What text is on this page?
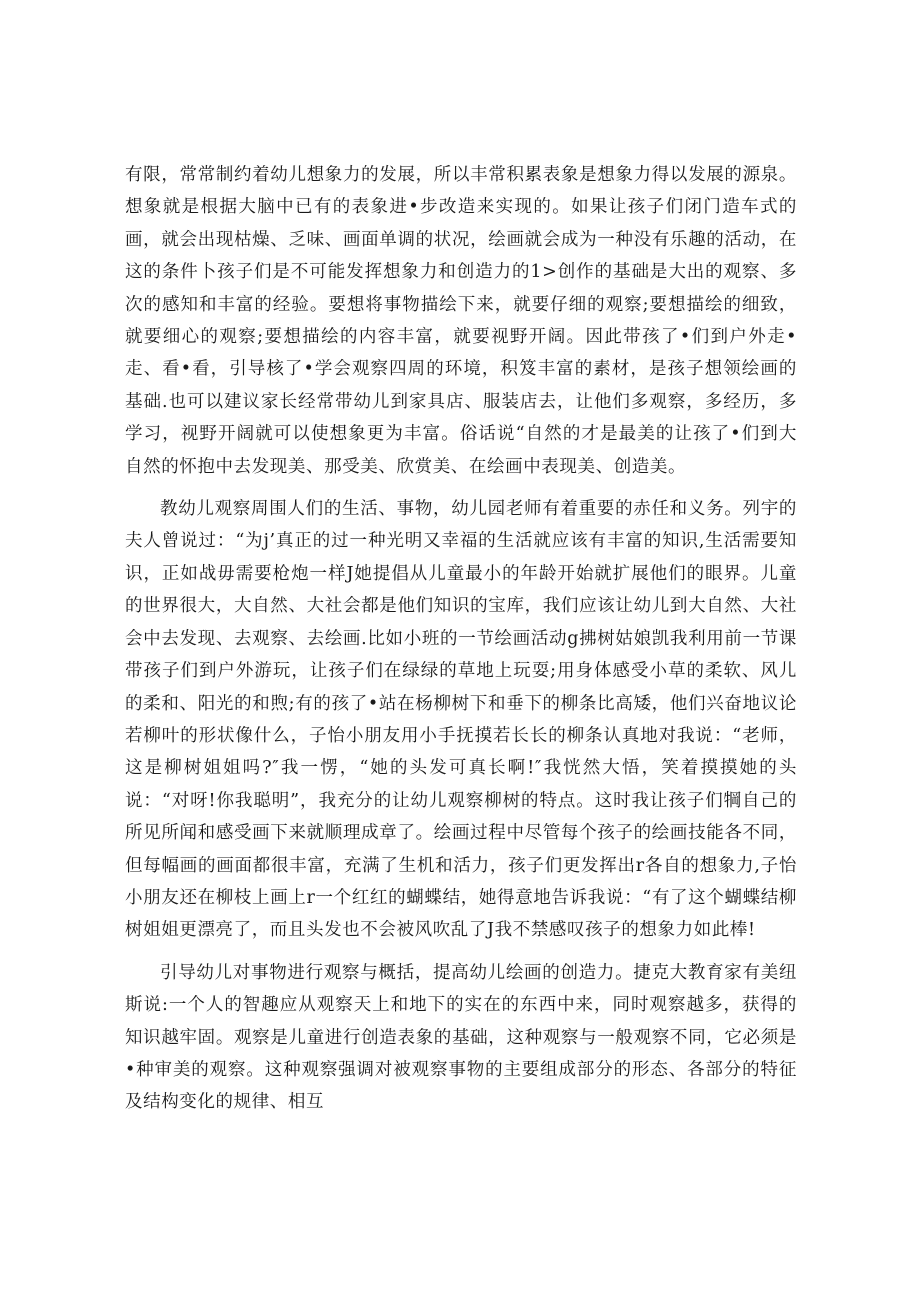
有限，常常制约着幼儿想象力的发展，所以丰常积累表象是想象力得以发展的源泉。想象就是根据大脑中已有的表象进•步改造来实现的。如果让孩子们闭门造车式的画，就会出现枯燥、乏味、画面单调的状况，绘画就会成为一种没有乐趣的活动，在这的条件卜孩子们是不可能发挥想象力和创造力的1>创作的基础是大出的观察、多次的感知和丰富的经验。要想将事物描绘下来，就要仔细的观察;要想描绘的细致，就要细心的观察;要想描绘的内容丰富，就要视野开阔。因此带孩了•们到户外走•走、看•看，引导核了•学会观察四周的环境，积笈丰富的素材，是孩子想领绘画的基础.也可以建议家长经常带幼儿到家具店、服装店去，让他们多观察，多经历，多学习，视野开阔就可以使想象更为丰富。俗话说“自然的才是最美的让孩了•们到大自然的怀抱中去发现美、那受美、欣赏美、在绘画中表现美、创造美。

教幼儿观察周围人们的生活、事物，幼儿园老师有着重要的赤任和义务。列宇的夫人曾说过：“为j’真正的过一种光明又幸福的生活就应该有丰富的知识,生活需要知识，正如战毋需要枪炮一样J她提倡从儿童最小的年龄开始就扩展他们的眼界。儿童的世界很大，大自然、大社会都是他们知识的宝库，我们应该让幼儿到大自然、大社会中去发现、去观察、去绘画.比如小班的一节绘画活动g拂树姑娘凯我利用前一节课带孩子们到户外游玩，让孩子们在绿绿的草地上玩耍;用身体感受小草的柔软、风儿的柔和、阳光的和煦;有的孩了•站在杨柳树下和垂下的柳条比高矮，他们兴奋地议论若柳叶的形状像什么，子怡小朋友用小手抚摸若长长的柳条认真地对我说：“老师，这是柳树姐姐吗?″我一愣，“她的头发可真长啊!″我恍然大悟，笑着摸摸她的头说：“对呀!你我聪明”，我充分的让幼儿观察柳树的特点。这时我让孩子们犅自己的所见所闻和感受画下来就顺理成章了。绘画过程中尽管每个孩子的绘画技能各不同，但每幅画的画面都很丰富，充满了生机和活力，孩子们更发挥出r各自的想象力,子怡小朋友还在柳枝上画上r一个红红的蝴蝶结，她得意地告诉我说：“有了这个蝴蝶结柳树姐姐更漂亮了，而且头发也不会被风吹乱了J我不禁感叹孩子的想象力如此棒!

引导幼儿对事物进行观察与概括，提高幼儿绘画的创造力。捷克大教育家有美纽斯说:一个人的智趣应从观察天上和地下的实在的东西中来，同时观察越多，获得的知识越牢固。观察是儿童进行创造表象的基础，这种观察与一般观察不同，它必须是•种审美的观察。这种观察强调对被观察事物的主要组成部分的形态、各部分的特征及结构变化的规律、相互
